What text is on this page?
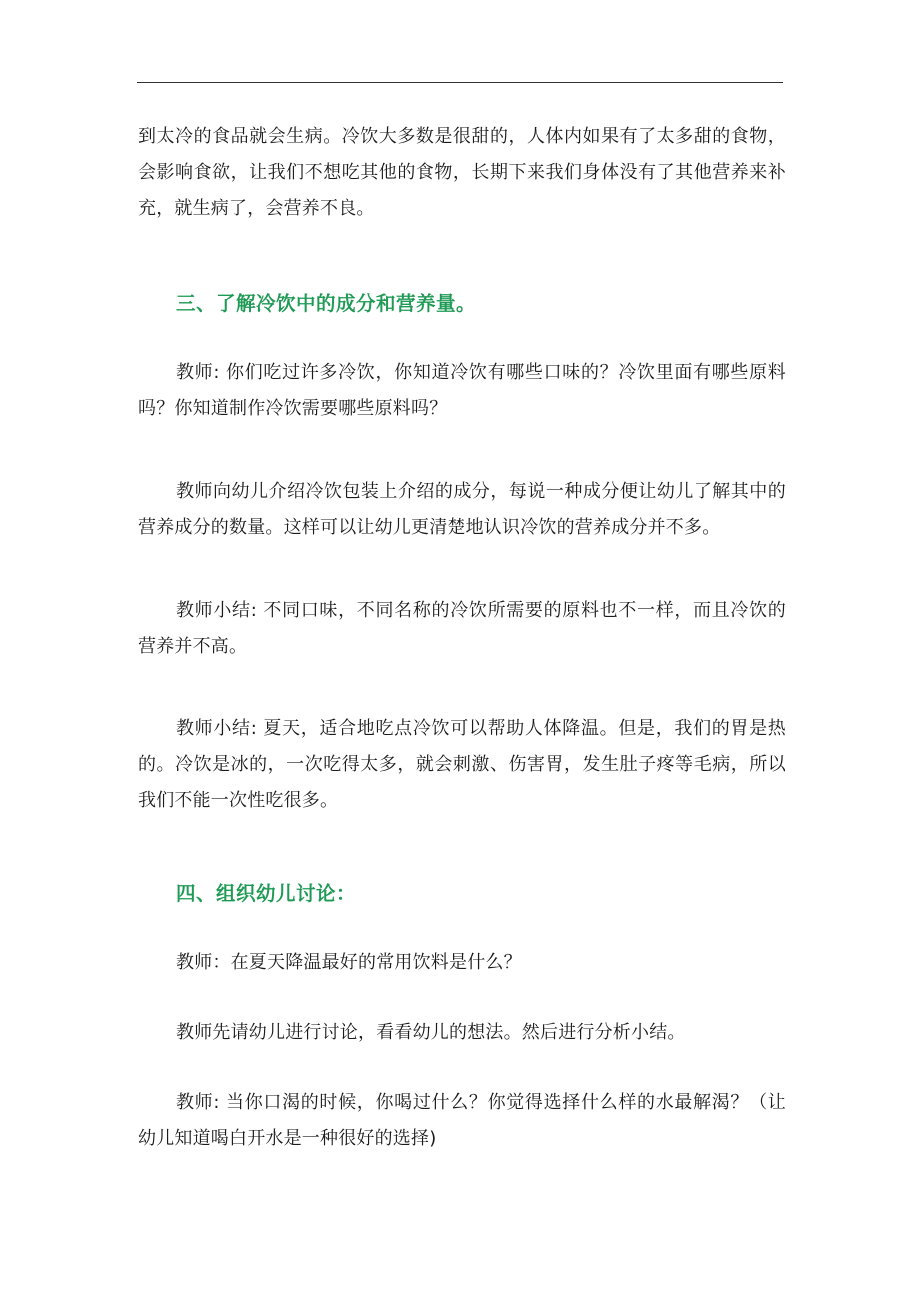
到太冷的食品就会生病。冷饮大多数是很甜的，人体内如果有了太多甜的食物，会影响食欲，让我们不想吃其他的食物，长期下来我们身体没有了其他营养来补充，就生病了，会营养不良。

三、了解冷饮中的成分和营养量。

教师: 你们吃过许多冷饮，你知道冷饮有哪些口味的？冷饮里面有哪些原料吗？你知道制作冷饮需要哪些原料吗？

教师向幼儿介绍冷饮包装上介绍的成分，每说一种成分便让幼儿了解其中的营养成分的数量。这样可以让幼儿更清楚地认识冷饮的营养成分并不多。

教师小结: 不同口味，不同名称的冷饮所需要的原料也不一样，而且冷饮的营养并不高。

教师小结: 夏天，适合地吃点冷饮可以帮助人体降温。但是，我们的胃是热的。冷饮是冰的，一次吃得太多，就会刺激、伤害胃，发生肚子疼等毛病，所以我们不能一次性吃很多。

四、组织幼儿讨论：

教师：在夏天降温最好的常用饮料是什么？

教师先请幼儿进行讨论，看看幼儿的想法。然后进行分析小结。

教师: 当你口渴的时候，你喝过什么？你觉得选择什么样的水最解渴？（让幼儿知道喝白开水是一种很好的选择)
